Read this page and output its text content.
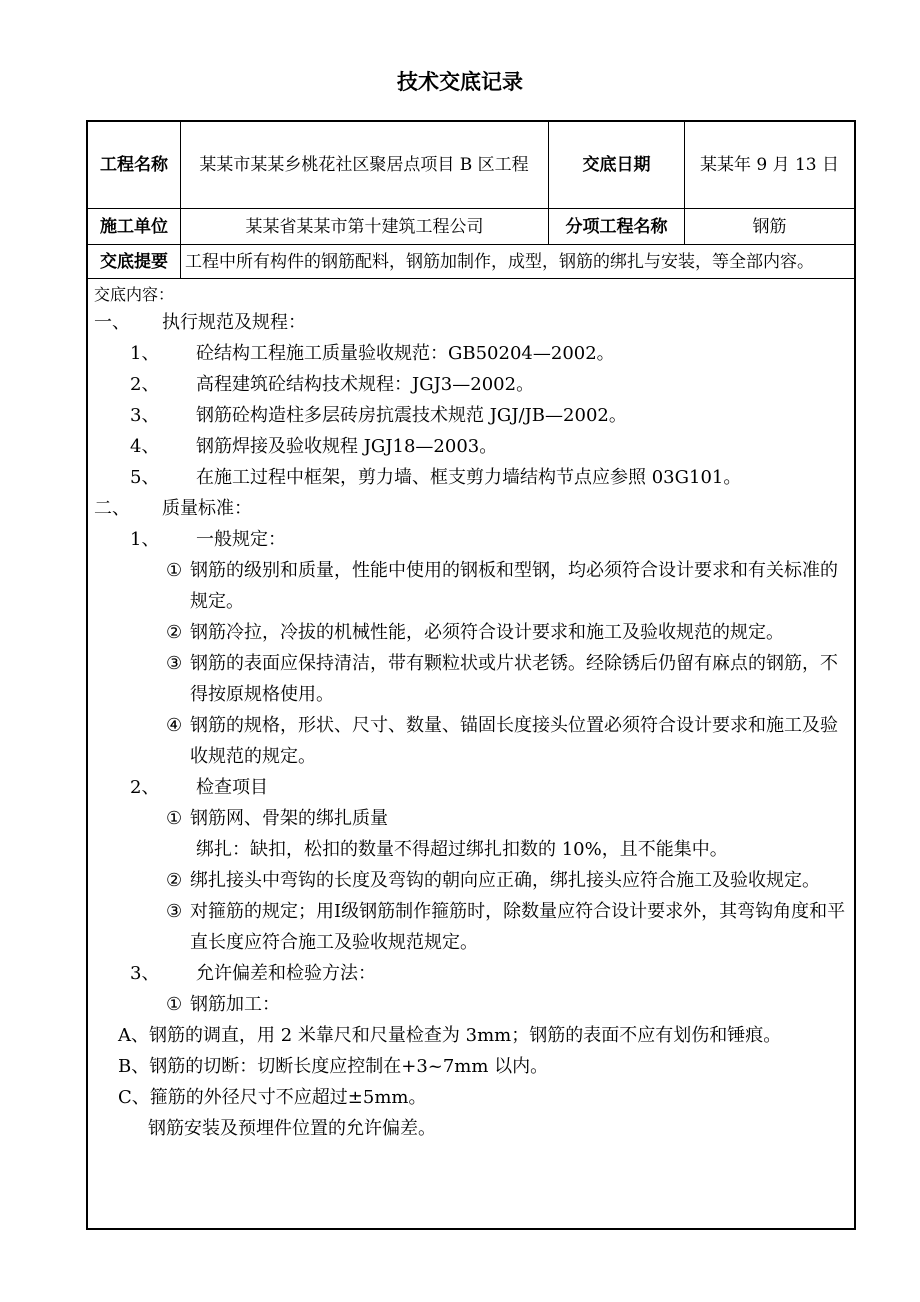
技术交底记录
工程名称	某某市某某乡桃花社区聚居点项目 B 区工程	交底日期	某某年 9 月 13 日
施工单位	某某省某某市第十建筑工程公司	分项工程名称	钢筋
交底提要	工程中所有构件的钢筋配料，钢筋加制作，成型，钢筋的绑扎与安装，等全部内容。
交底内容：
一、 执行规范及规程：
1、 砼结构工程施工质量验收规范：GB50204—2002。
2、 高程建筑砼结构技术规程：JGJ3—2002。
3、 钢筋砼构造柱多层砖房抗震技术规范 JGJ/JB—2002。
4、 钢筋焊接及验收规程 JGJ18—2003。
5、 在施工过程中框架，剪力墙、框支剪力墙结构节点应参照 03G101。
二、 质量标准：
1、 一般规定：
① 钢筋的级别和质量，性能中使用的钢板和型钢，均必须符合设计要求和有关标准的规定。
② 钢筋冷拉，冷拔的机械性能，必须符合设计要求和施工及验收规范的规定。
③ 钢筋的表面应保持清洁，带有颗粒状或片状老锈。经除锈后仍留有麻点的钢筋，不得按原规格使用。
④ 钢筋的规格，形状、尺寸、数量、锚固长度接头位置必须符合设计要求和施工及验收规范的规定。
2、 检查项目
① 钢筋网、骨架的绑扎质量
绑扎：缺扣，松扣的数量不得超过绑扎扣数的 10%，且不能集中。
② 绑扎接头中弯钩的长度及弯钩的朝向应正确，绑扎接头应符合施工及验收规定。
③ 对箍筋的规定；用Ⅰ级钢筋制作箍筋时，除数量应符合设计要求外，其弯钩角度和平直长度应符合施工及验收规范规定。
3、 允许偏差和检验方法：
① 钢筋加工：
A、钢筋的调直，用 2 米靠尺和尺量检查为 3mm；钢筋的表面不应有划伤和锤痕。
B、钢筋的切断：切断长度应控制在+3~7mm 以内。
C、箍筋的外径尺寸不应超过±5mm。
钢筋安装及预埋件位置的允许偏差。
